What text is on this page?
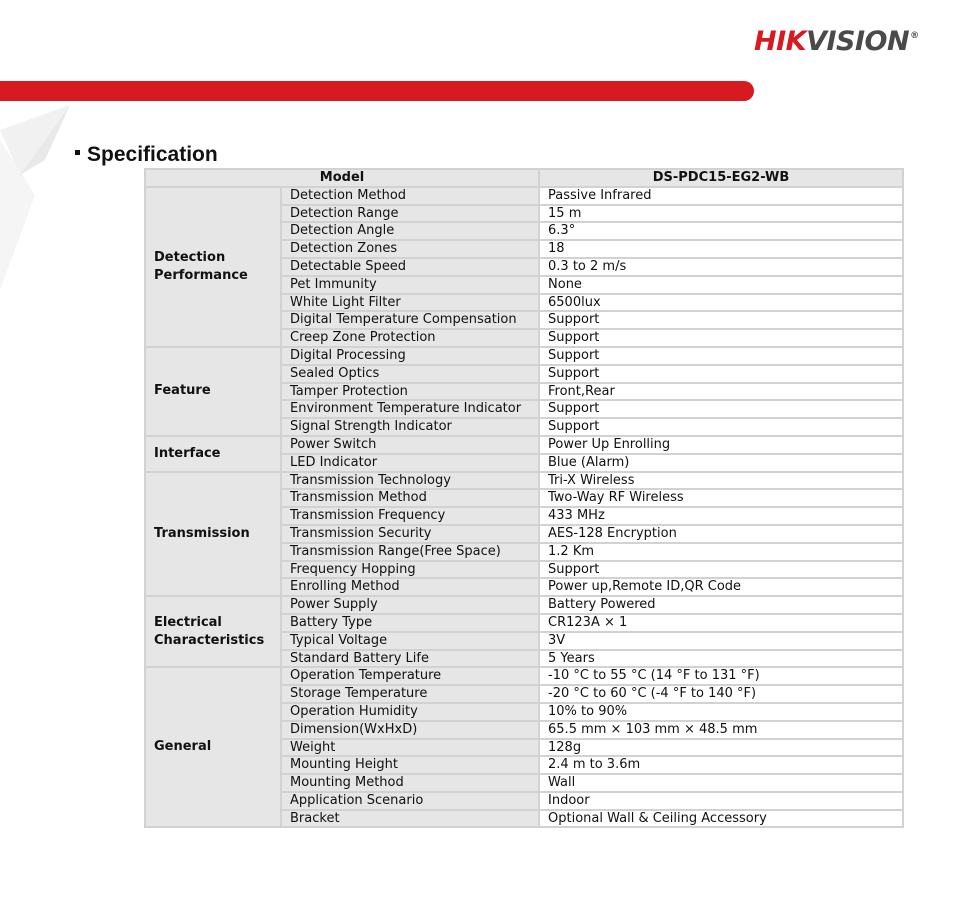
HIKVISION®
Specification
Model		DS-PDC15-EG2-WB
Detection Performance	Detection Method	Passive Infrared
	Detection Range	15 m
	Detection Angle	6.3°
	Detection Zones	18
	Detectable Speed	0.3 to 2 m/s
	Pet Immunity	None
	White Light Filter	6500lux
	Digital Temperature Compensation	Support
	Creep Zone Protection	Support
Feature	Digital Processing	Support
	Sealed Optics	Support
	Tamper Protection	Front,Rear
	Environment Temperature Indicator	Support
	Signal Strength Indicator	Support
Interface	Power Switch	Power Up Enrolling
	LED Indicator	Blue (Alarm)
Transmission	Transmission Technology	Tri-X Wireless
	Transmission Method	Two-Way RF Wireless
	Transmission Frequency	433 MHz
	Transmission Security	AES-128 Encryption
	Transmission Range(Free Space)	1.2 Km
	Frequency Hopping	Support
	Enrolling Method	Power up,Remote ID,QR Code
Electrical Characteristics	Power Supply	Battery Powered
	Battery Type	CR123A × 1
	Typical Voltage	3V
	Standard Battery Life	5 Years
General	Operation Temperature	-10 °C to 55 °C (14 °F to 131 °F)
	Storage Temperature	-20 °C to 60 °C (-4 °F to 140 °F)
	Operation Humidity	10% to 90%
	Dimension(WxHxD)	65.5 mm × 103 mm × 48.5 mm
	Weight	128g
	Mounting Height	2.4 m to 3.6m
	Mounting Method	Wall
	Application Scenario	Indoor
	Bracket	Optional Wall & Ceiling Accessory
